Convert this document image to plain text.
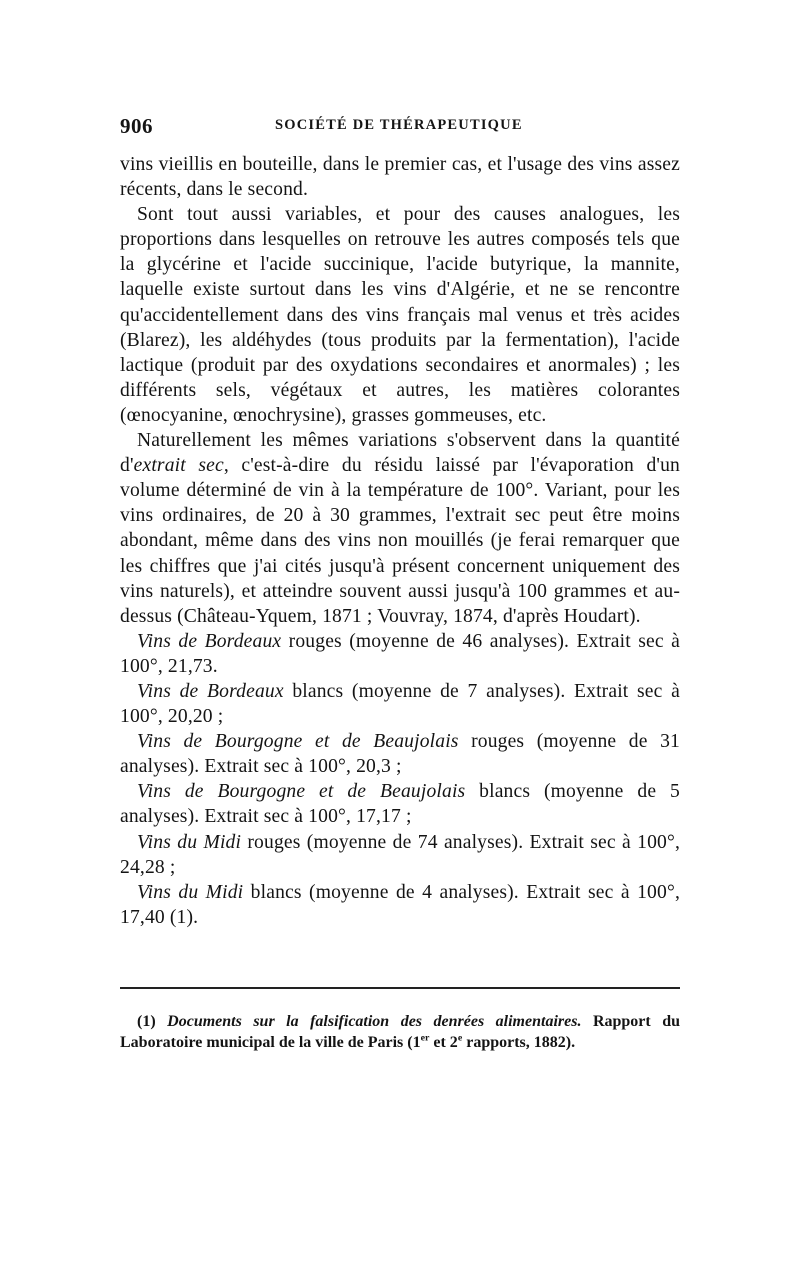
906	SOCIÉTÉ DE THÉRAPEUTIQUE

vins vieillis en bouteille, dans le premier cas, et l'usage des vins assez récents, dans le second.

Sont tout aussi variables, et pour des causes analogues, les proportions dans lesquelles on retrouve les autres composés tels que la glycérine et l'acide succinique, l'acide butyrique, la mannite, laquelle existe surtout dans les vins d'Algérie, et ne se rencontre qu'accidentellement dans des vins français mal venus et très acides (Blarez), les aldéhydes (tous produits par la fermentation), l'acide lactique (produit par des oxydations secondaires et anormales) ; les différents sels, végétaux et autres, les matières colorantes (œnocyanine, œnochrysine), grasses gommeuses, etc.

Naturellement les mêmes variations s'observent dans la quantité d'extrait sec, c'est-à-dire du résidu laissé par l'évaporation d'un volume déterminé de vin à la température de 100°. Variant, pour les vins ordinaires, de 20 à 30 grammes, l'extrait sec peut être moins abondant, même dans des vins non mouillés (je ferai remarquer que les chiffres que j'ai cités jusqu'à présent concernent uniquement des vins naturels), et atteindre souvent aussi jusqu'à 100 grammes et au-dessus (Château-Yquem, 1871 ; Vouvray, 1874, d'après Houdart).

Vins de Bordeaux rouges (moyenne de 46 analyses). Extrait sec à 100°, 21,73.

Vins de Bordeaux blancs (moyenne de 7 analyses). Extrait sec à 100°, 20,20 ;

Vins de Bourgogne et de Beaujolais rouges (moyenne de 31 analyses). Extrait sec à 100°, 20,3 ;

Vins de Bourgogne et de Beaujolais blancs (moyenne de 5 analyses). Extrait sec à 100°, 17,17 ;

Vins du Midi rouges (moyenne de 74 analyses). Extrait sec à 100°, 24,28 ;

Vins du Midi blancs (moyenne de 4 analyses). Extrait sec à 100°, 17,40 (1).

(1) Documents sur la falsification des denrées alimentaires. Rapport du Laboratoire municipal de la ville de Paris (1er et 2e rapports, 1882).
